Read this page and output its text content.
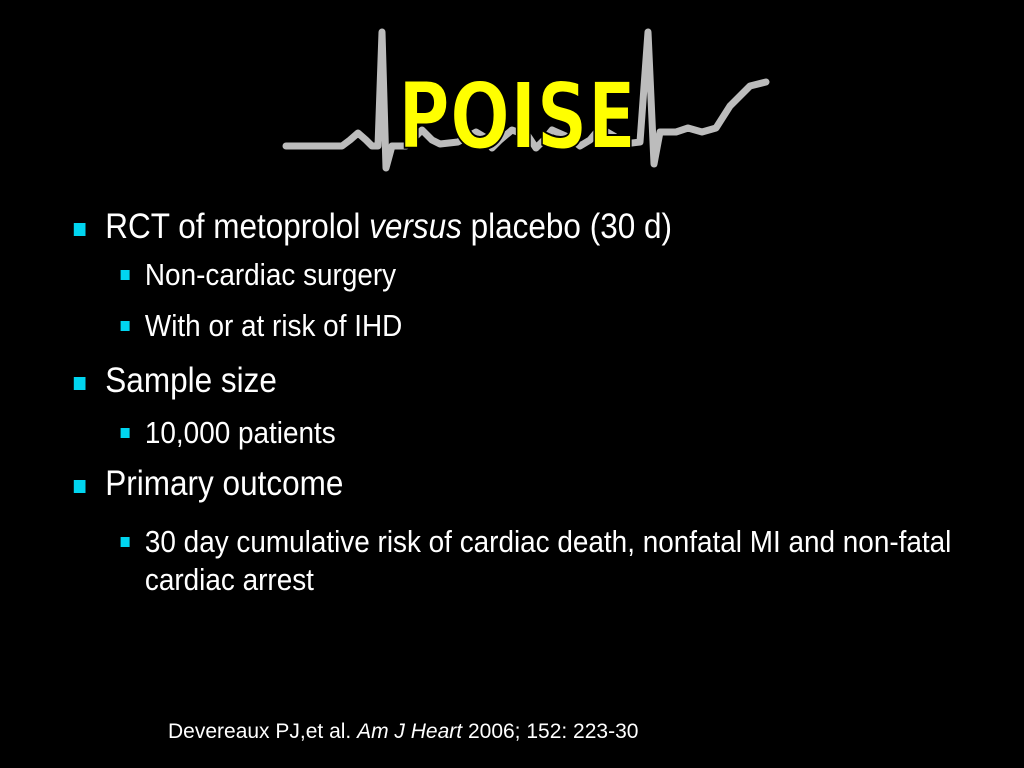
POISE
RCT of metoprolol versus placebo (30 d)
Non-cardiac surgery
With or at risk of IHD
Sample size
10,000 patients
Primary outcome
30 day cumulative risk of cardiac death, nonfatal MI and non-fatal cardiac arrest
Devereaux PJ,et al. Am J Heart 2006; 152: 223-30
